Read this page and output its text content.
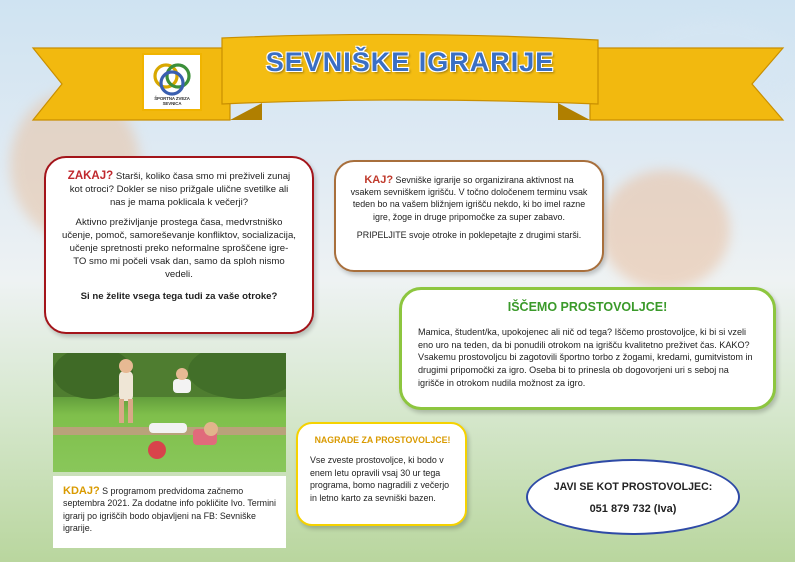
SEVNIŠKE IGRARIJE
ŠPORTNA ZVEZA SEVNICA

ZAKAJ? Starši, koliko časa smo mi preživeli zunaj kot otroci? Dokler se niso prižgale ulične svetilke ali nas je mama poklicala k večerji?

Aktivno preživljanje prostega časa, medvrstniško učenje, pomoč, samoreševanje konfliktov, socializacija, učenje spretnosti preko neformalne sproščene igre- TO smo mi počeli vsak dan, samo da sploh nismo vedeli.

Si ne želite vsega tega tudi za vaše otroke?

KAJ? Sevniške igrarije so organizirana aktivnost na vsakem sevniškem igrišču. V točno določenem terminu vsak teden bo na vašem bližnjem igrišču nekdo, ki bo imel razne igre, žoge in druge pripomočke za super zabavo.

PRIPELJITE svoje otroke in poklepetajte z drugimi starši.

IŠČEMO PROSTOVOLJCE!
Mamica, študent/ka, upokojenec ali nič od tega? Iščemo prostovoljce, ki bi si vzeli eno uro na teden, da bi ponudili otrokom na igrišču kvalitetno preživet čas. KAKO? Vsakemu prostovoljcu bi zagotovili športno torbo z žogami, kredami, gumitvistom in drugimi pripomočki za igro. Oseba bi to prinesla ob dogovorjeni uri s seboj na igrišče in otrokom nudila možnost za igro.
NAGRADE ZA PROSTOVOLJCE!
Vse zveste prostovoljce, ki bodo v enem letu opravili vsaj 30 ur tega programa, bomo nagradili z večerjo in letno karto za sevniški bazen.
KDAJ? S programom predvidoma začnemo septembra 2021. Za dodatne info pokličite Ivo. Termini igrarij po igriščih bodo objavljeni na FB: Sevniške igrarije.
JAVI SE KOT PROSTOVOLJEC:
051 879 732 (Iva)
